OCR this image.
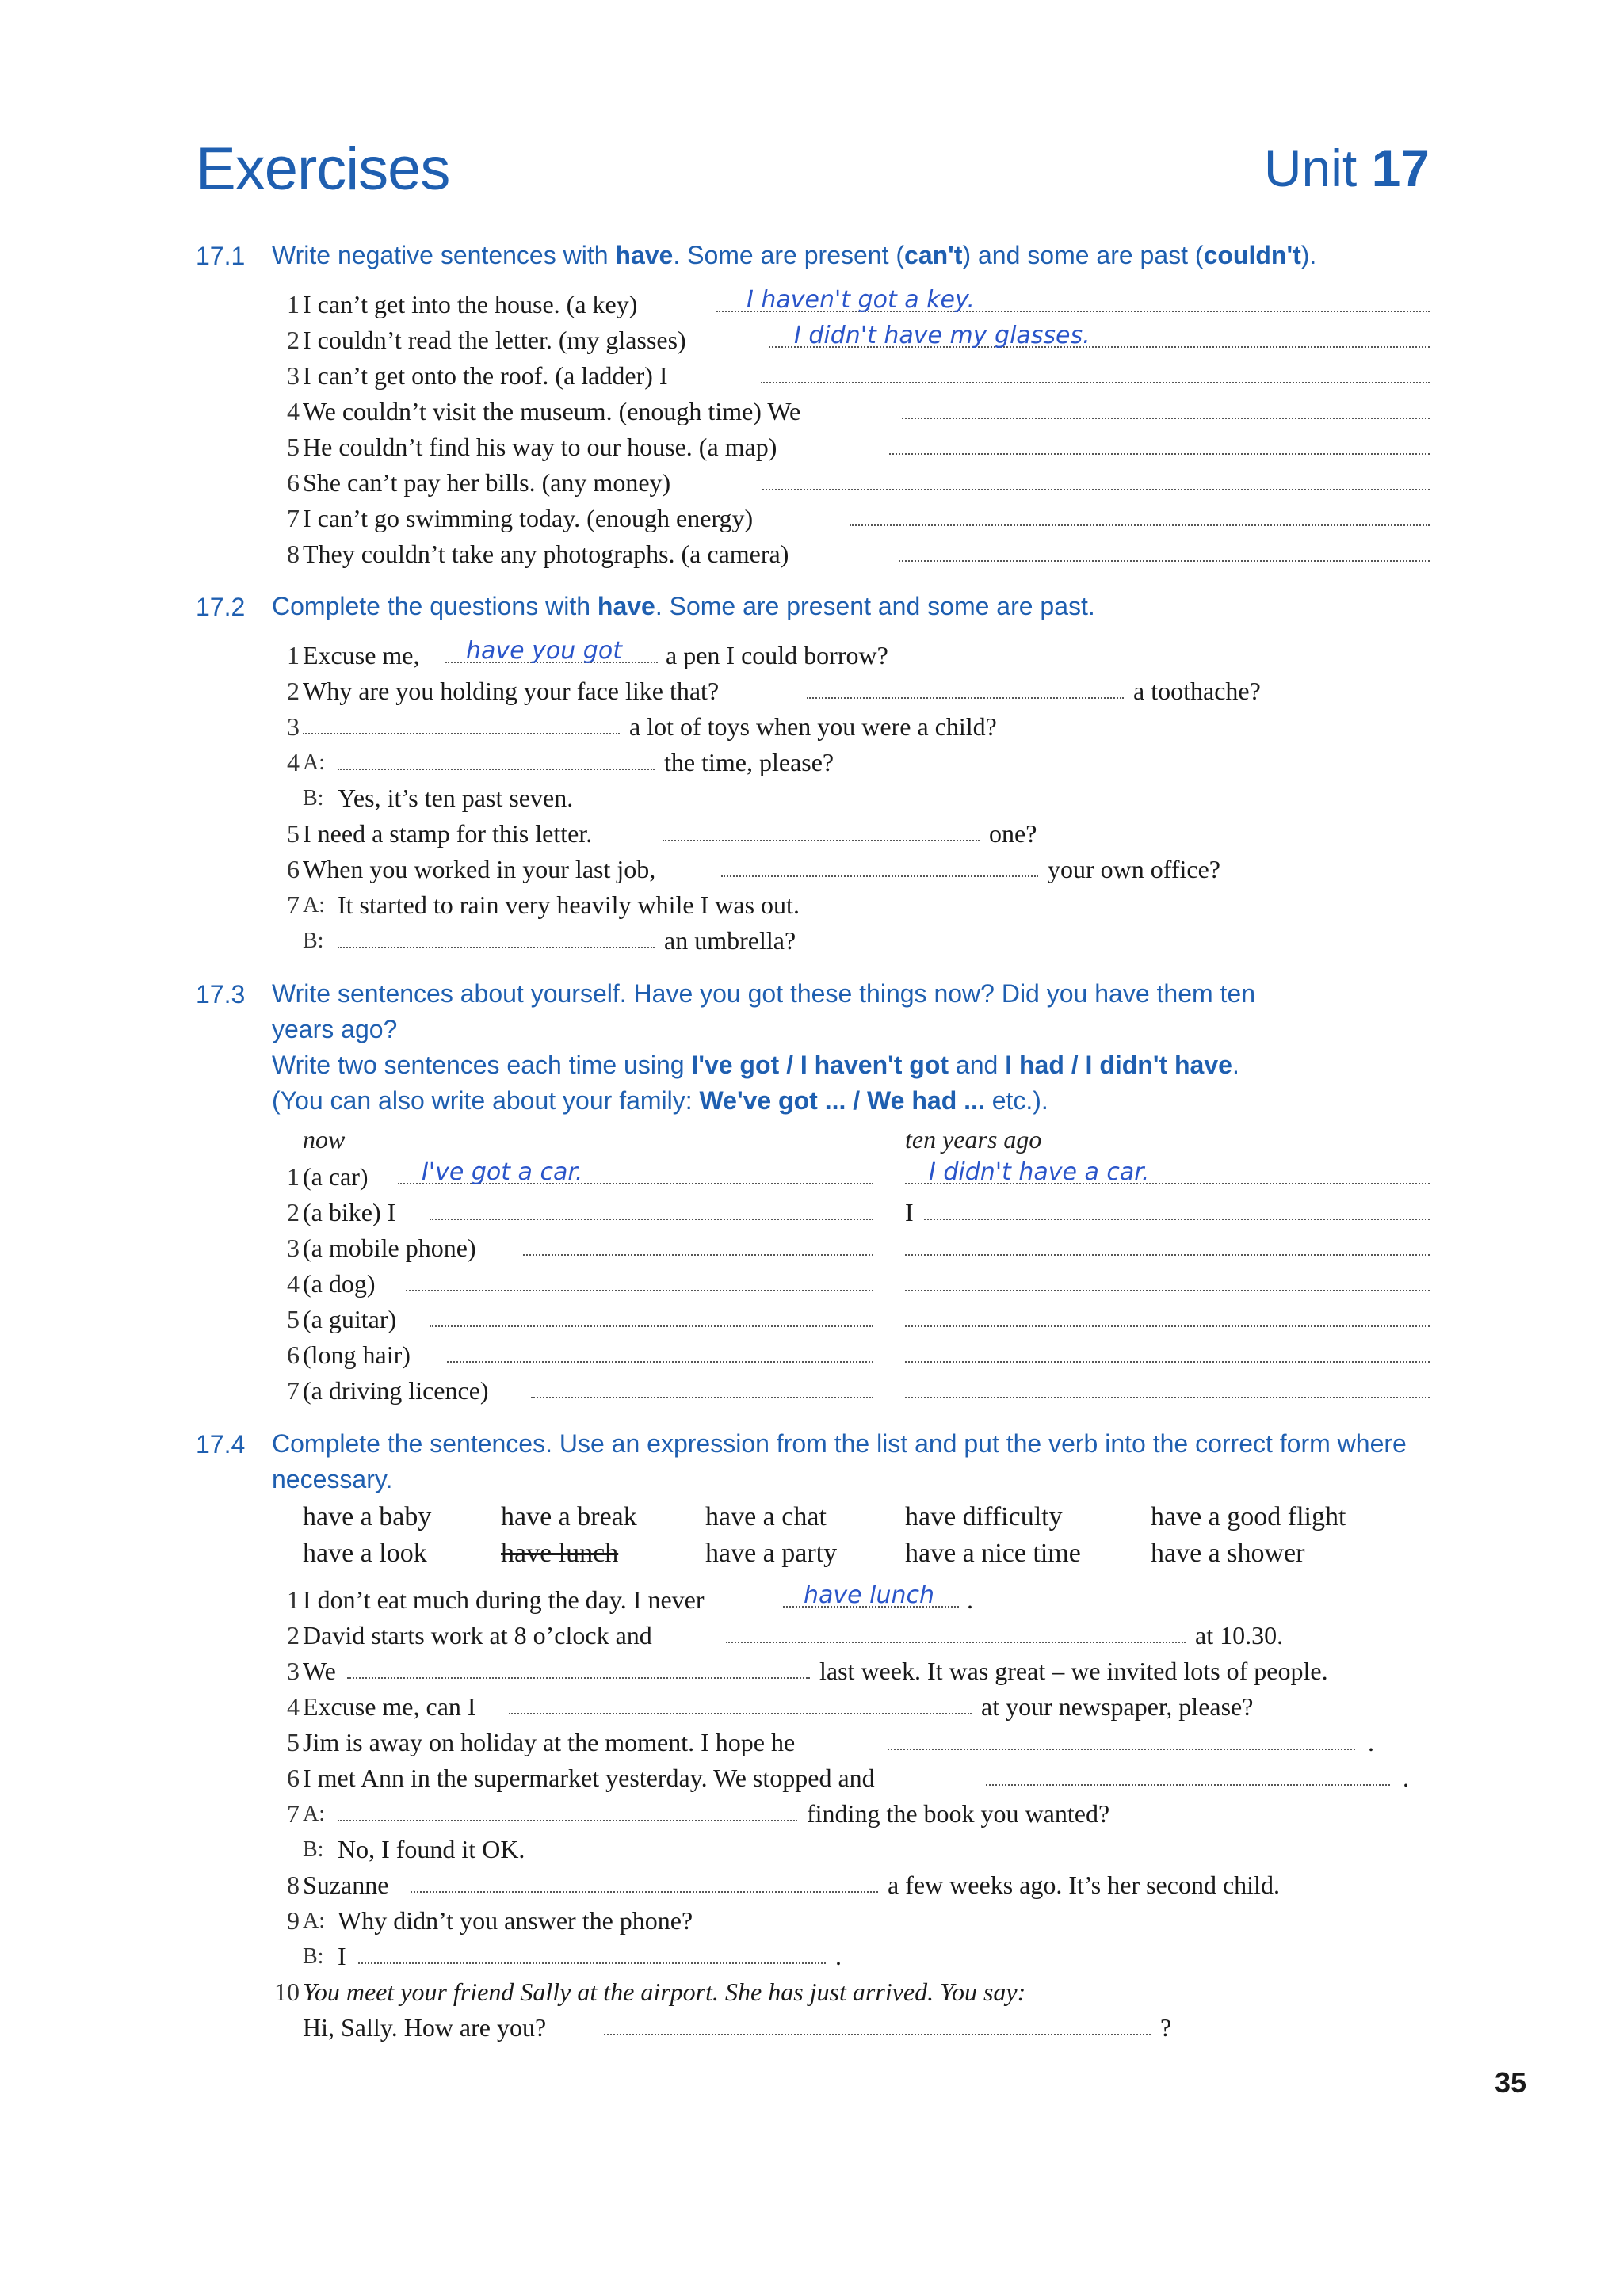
Exercises	Unit 17
17.1 Write negative sentences with have. Some are present (can't) and some are past (couldn't).
1 I can’t get into the house. (a key)	I haven't got a key.
2 I couldn’t read the letter. (my glasses)	I didn't have my glasses.
3 I can’t get onto the roof. (a ladder) I
4 We couldn’t visit the museum. (enough time) We
5 He couldn’t find his way to our house. (a map)
6 She can’t pay her bills. (any money)
7 I can’t go swimming today. (enough energy)
8 They couldn’t take any photographs. (a camera)
17.2 Complete the questions with have. Some are present and some are past.
1 Excuse me, have you got a pen I could borrow?
2 Why are you holding your face like that?	a toothache?
3	a lot of toys when you were a child?
4 A:	the time, please?
B: Yes, it’s ten past seven.
5 I need a stamp for this letter.	one?
6 When you worked in your last job,	your own office?
7 A: It started to rain very heavily while I was out.
B:	an umbrella?
17.3 Write sentences about yourself. Have you got these things now? Did you have them ten years ago?
Write two sentences each time using I've got / I haven't got and I had / I didn't have.
(You can also write about your family: We've got ... / We had ... etc.).
now	ten years ago
1 (a car) I've got a car.	I didn't have a car.
2 (a bike) I	I
3 (a mobile phone)
4 (a dog)
5 (a guitar)
6 (long hair)
7 (a driving licence)
17.4 Complete the sentences. Use an expression from the list and put the verb into the correct form where necessary.
have a baby	have a break	have a chat	have difficulty	have a good flight
have a look	have lunch	have a party	have a nice time	have a shower
1 I don’t eat much during the day. I never	have lunch .
2 David starts work at 8 o’clock and	at 10.30.
3 We	last week. It was great – we invited lots of people.
4 Excuse me, can I	at your newspaper, please?
5 Jim is away on holiday at the moment. I hope he	.
6 I met Ann in the supermarket yesterday. We stopped and	.
7 A:	finding the book you wanted?
B: No, I found it OK.
8 Suzanne	a few weeks ago. It’s her second child.
9 A: Why didn’t you answer the phone?
B: I	.
10 You meet your friend Sally at the airport. She has just arrived. You say:
Hi, Sally. How are you?	?
35
